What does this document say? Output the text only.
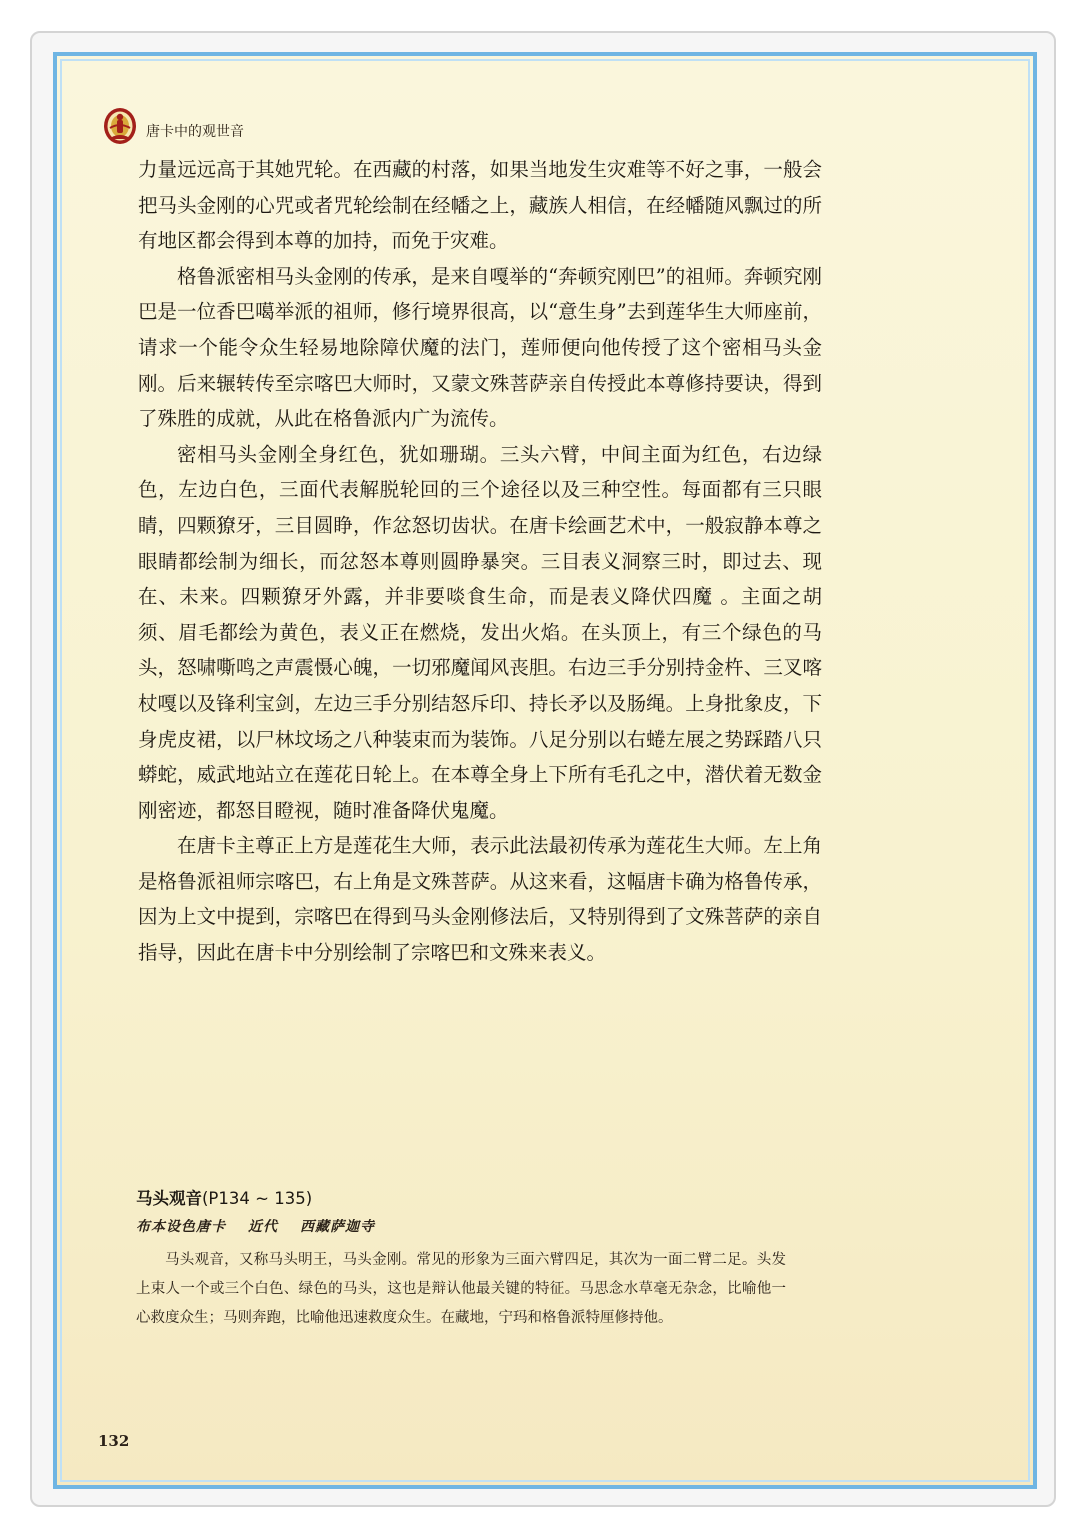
唐卡中的观世音

力量远远高于其她咒轮。在西藏的村落，如果当地发生灾难等不好之事，一般会把马头金刚的心咒或者咒轮绘制在经幡之上，藏族人相信，在经幡随风飘过的所有地区都会得到本尊的加持，而免于灾难。

格鲁派密相马头金刚的传承，是来自嘎举的“奔顿究刚巴”的祖师。奔顿究刚巴是一位香巴噶举派的祖师，修行境界很高，以“意生身”去到莲华生大师座前，请求一个能令众生轻易地除障伏魔的法门，莲师便向他传授了这个密相马头金刚。后来辗转传至宗喀巴大师时，又蒙文殊菩萨亲自传授此本尊修持要诀，得到了殊胜的成就，从此在格鲁派内广为流传。

密相马头金刚全身红色，犹如珊瑚。三头六臂，中间主面为红色，右边绿色，左边白色，三面代表解脱轮回的三个途径以及三种空性。每面都有三只眼睛，四颗獠牙，三目圆睁，作忿怒切齿状。在唐卡绘画艺术中，一般寂静本尊之眼睛都绘制为细长，而忿怒本尊则圆睁暴突。三目表义洞察三时，即过去、现在、未来。四颗獠牙外露，并非要啖食生命，而是表义降伏四魔 。主面之胡须、眉毛都绘为黄色，表义正在燃烧，发出火焰。在头顶上，有三个绿色的马头，怒啸嘶鸣之声震慑心魄，一切邪魔闻风丧胆。右边三手分别持金杵、三叉喀杖嘎以及锋利宝剑，左边三手分别结怒斥印、持长矛以及肠绳。上身批象皮，下身虎皮裙，以尸林坟场之八种装束而为装饰。八足分别以右蜷左展之势踩踏八只蟒蛇，威武地站立在莲花日轮上。在本尊全身上下所有毛孔之中，潜伏着无数金刚密迹，都怒目瞪视，随时准备降伏鬼魔。

在唐卡主尊正上方是莲花生大师，表示此法最初传承为莲花生大师。左上角是格鲁派祖师宗喀巴，右上角是文殊菩萨。从这来看，这幅唐卡确为格鲁传承，因为上文中提到，宗喀巴在得到马头金刚修法后，又特别得到了文殊菩萨的亲自指导，因此在唐卡中分别绘制了宗喀巴和文殊来表义。

马头观音(P134 ~ 135)
布本设色唐卡 近代 西藏萨迦寺
马头观音，又称马头明王，马头金刚。常见的形象为三面六臂四足，其次为一面二臂二足。头发上束人一个或三个白色、绿色的马头，这也是辩认他最关键的特征。马思念水草毫无杂念，比喻他一心救度众生；马则奔跑，比喻他迅速救度众生。在藏地，宁玛和格鲁派特厘修持他。
132
